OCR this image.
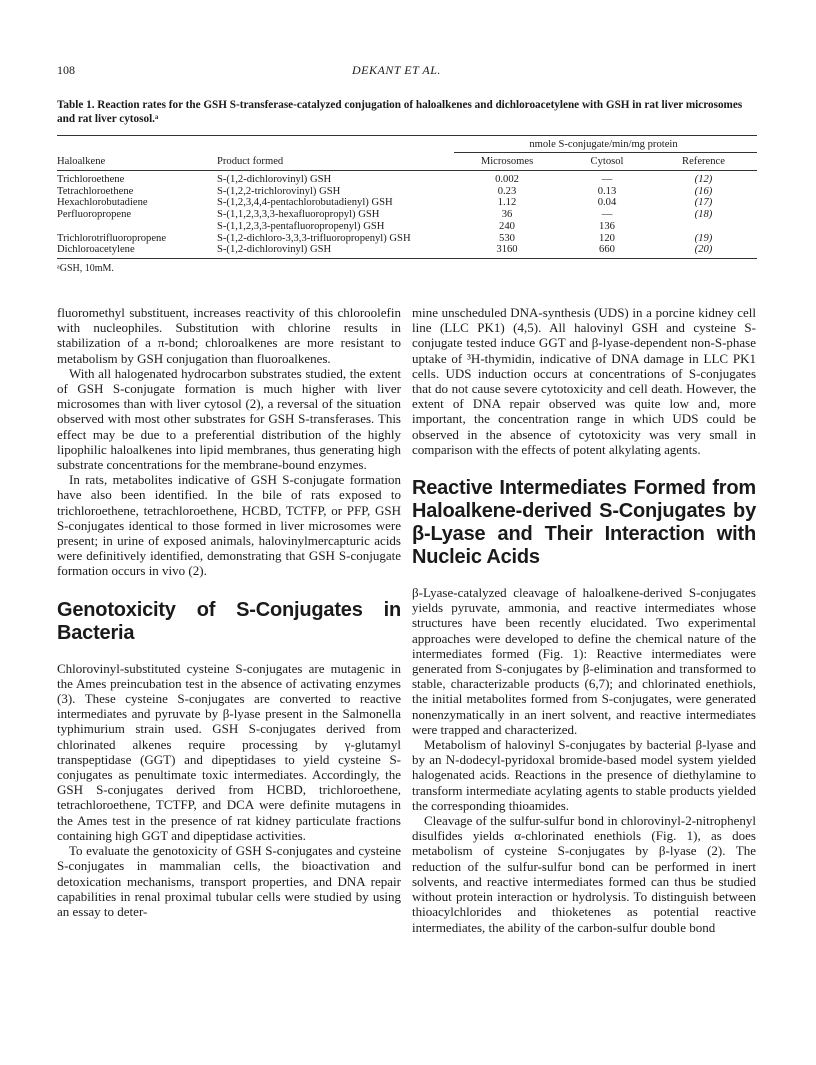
108	DEKANT ET AL.
Table 1. Reaction rates for the GSH S-transferase-catalyzed conjugation of haloalkenes and dichloroacetylene with GSH in rat liver microsomes and rat liver cytosol.ᵃ
		nmole S-conjugate/min/mg protein		
Haloalkene	Product formed	Microsomes	Cytosol	Reference
Trichloroethene	S-(1,2-dichlorovinyl) GSH	0.002	—	(12)
Tetrachloroethene	S-(1,2,2-trichlorovinyl) GSH	0.23	0.13	(16)
Hexachlorobutadiene	S-(1,2,3,4,4-pentachlorobutadienyl) GSH	1.12	0.04	(17)
Perfluoropropene	S-(1,1,2,3,3,3-hexafluoropropyl) GSH	36	—	(18)
	S-(1,1,2,3,3-pentafluoropropenyl) GSH	240	136	
Trichlorotrifluoropropene	S-(1,2-dichloro-3,3,3-trifluoropropenyl) GSH	530	120	(19)
Dichloroacetylene	S-(1,2-dichlorovinyl) GSH	3160	660	(20)
ᵃGSH, 10mM.

fluoromethyl substituent, increases reactivity of this chloroolefin with nucleophiles. Substitution with chlorine results in stabilization of a π-bond; chloroalkenes are more resistant to metabolism by GSH conjugation than fluoroalkenes.

With all halogenated hydrocarbon substrates studied, the extent of GSH S-conjugate formation is much higher with liver microsomes than with liver cytosol (2), a reversal of the situation observed with most other substrates for GSH S-transferases. This effect may be due to a preferential distribution of the highly lipophilic haloalkenes into lipid membranes, thus generating high substrate concentrations for the membrane-bound enzymes.

In rats, metabolites indicative of GSH S-conjugate formation have also been identified. In the bile of rats exposed to trichloroethene, tetrachloroethene, HCBD, TCTFP, or PFP, GSH S-conjugates identical to those formed in liver microsomes were present; in urine of exposed animals, halovinylmercapturic acids were definitively identified, demonstrating that GSH S-conjugate formation occurs in vivo (2).

Genotoxicity of S-Conjugates in Bacteria

Chlorovinyl-substituted cysteine S-conjugates are mutagenic in the Ames preincubation test in the absence of activating enzymes (3). These cysteine S-conjugates are converted to reactive intermediates and pyruvate by β-lyase present in the Salmonella typhimurium strain used. GSH S-conjugates derived from chlorinated alkenes require processing by γ-glutamyl transpeptidase (GGT) and dipeptidases to yield cysteine S-conjugates as penultimate toxic intermediates. Accordingly, the GSH S-conjugates derived from HCBD, trichloroethene, tetrachloroethene, TCTFP, and DCA were definite mutagens in the Ames test in the presence of rat kidney particulate fractions containing high GGT and dipeptidase activities.

To evaluate the genotoxicity of GSH S-conjugates and cysteine S-conjugates in mammalian cells, the bioactivation and detoxication mechanisms, transport properties, and DNA repair capabilities in renal proximal tubular cells were studied by using an essay to deter-

mine unscheduled DNA-synthesis (UDS) in a porcine kidney cell line (LLC PK1) (4,5). All halovinyl GSH and cysteine S-conjugate tested induce GGT and β-lyase-dependent non-S-phase uptake of ³H-thymidin, indicative of DNA damage in LLC PK1 cells. UDS induction occurs at concentrations of S-conjugates that do not cause severe cytotoxicity and cell death. However, the extent of DNA repair observed was quite low and, more important, the concentration range in which UDS could be observed in the absence of cytotoxicity was very small in comparison with the effects of potent alkylating agents.

Reactive Intermediates Formed from Haloalkene-derived S-Conjugates by β-Lyase and Their Interaction with Nucleic Acids

β-Lyase-catalyzed cleavage of haloalkene-derived S-conjugates yields pyruvate, ammonia, and reactive intermediates whose structures have been recently elucidated. Two experimental approaches were developed to define the chemical nature of the intermediates formed (Fig. 1): Reactive intermediates were generated from S-conjugates by β-elimination and transformed to stable, characterizable products (6,7); and chlorinated enethiols, the initial metabolites formed from S-conjugates, were generated nonenzymatically in an inert solvent, and reactive intermediates were trapped and characterized.

Metabolism of halovinyl S-conjugates by bacterial β-lyase and by an N-dodecyl-pyridoxal bromide-based model system yielded halogenated acids. Reactions in the presence of diethylamine to transform intermediate acylating agents to stable products yielded the corresponding thioamides.

Cleavage of the sulfur-sulfur bond in chlorovinyl-2-nitrophenyl disulfides yields α-chlorinated enethiols (Fig. 1), as does metabolism of cysteine S-conjugates by β-lyase (2). The reduction of the sulfur-sulfur bond can be performed in inert solvents, and reactive intermediates formed can thus be studied without protein interaction or hydrolysis. To distinguish between thioacylchlorides and thioketenes as potential reactive intermediates, the ability of the carbon-sulfur double bond
